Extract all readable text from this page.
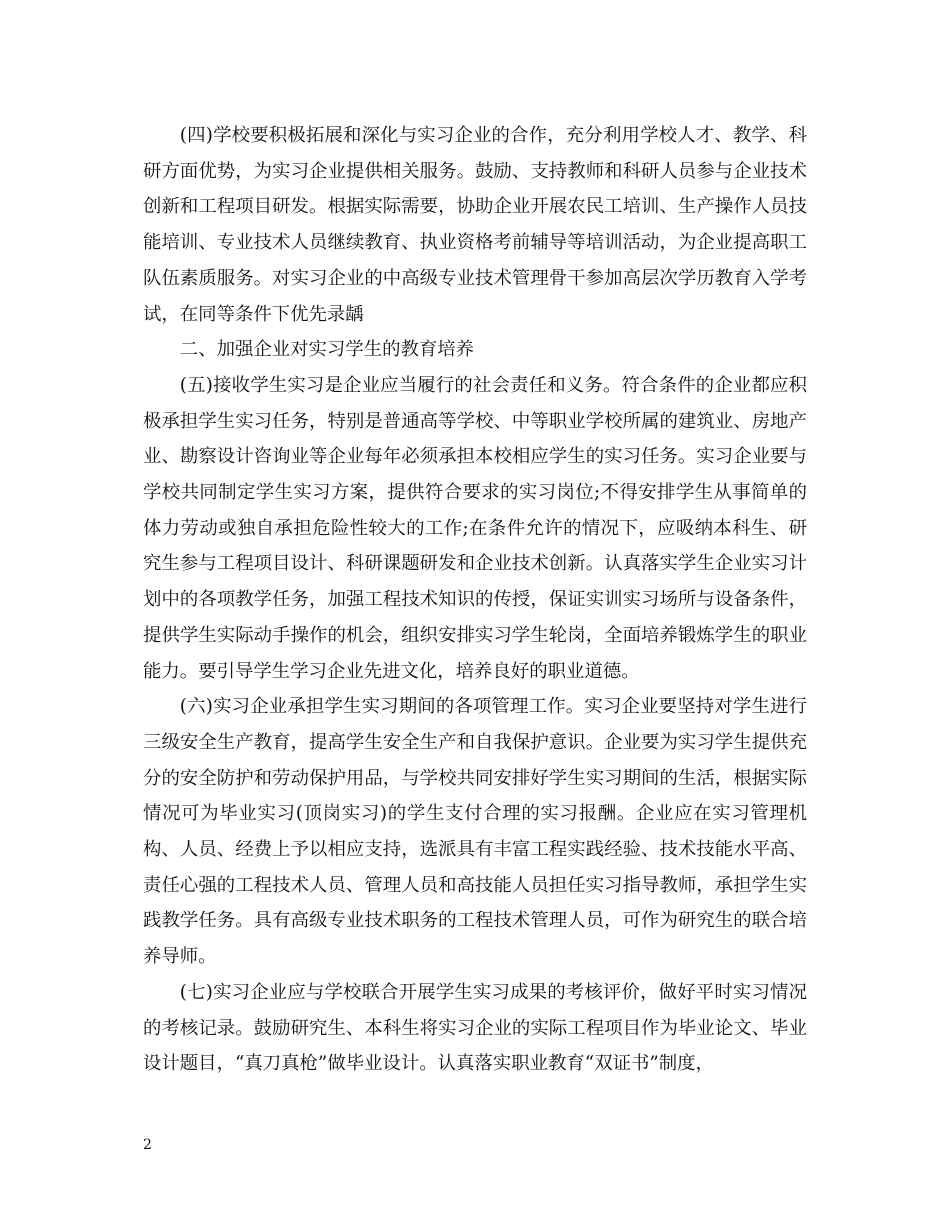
(四)学校要积极拓展和深化与实习企业的合作，充分利用学校人才、教学、科研方面优势，为实习企业提供相关服务。鼓励、支持教师和科研人员参与企业技术创新和工程项目研发。根据实际需要，协助企业开展农民工培训、生产操作人员技能培训、专业技术人员继续教育、执业资格考前辅导等培训活动，为企业提高职工队伍素质服务。对实习企业的中高级专业技术管理骨干参加高层次学历教育入学考试，在同等条件下优先录龋

二、加强企业对实习学生的教育培养

(五)接收学生实习是企业应当履行的社会责任和义务。符合条件的企业都应积极承担学生实习任务，特别是普通高等学校、中等职业学校所属的建筑业、房地产业、勘察设计咨询业等企业每年必须承担本校相应学生的实习任务。实习企业要与学校共同制定学生实习方案，提供符合要求的实习岗位;不得安排学生从事简单的体力劳动或独自承担危险性较大的工作;在条件允许的情况下，应吸纳本科生、研究生参与工程项目设计、科研课题研发和企业技术创新。认真落实学生企业实习计划中的各项教学任务，加强工程技术知识的传授，保证实训实习场所与设备条件，提供学生实际动手操作的机会，组织安排实习学生轮岗，全面培养锻炼学生的职业能力。要引导学生学习企业先进文化，培养良好的职业道德。

(六)实习企业承担学生实习期间的各项管理工作。实习企业要坚持对学生进行三级安全生产教育，提高学生安全生产和自我保护意识。企业要为实习学生提供充分的安全防护和劳动保护用品，与学校共同安排好学生实习期间的生活，根据实际情况可为毕业实习(顶岗实习)的学生支付合理的实习报酬。企业应在实习管理机构、人员、经费上予以相应支持，选派具有丰富工程实践经验、技术技能水平高、责任心强的工程技术人员、管理人员和高技能人员担任实习指导教师，承担学生实践教学任务。具有高级专业技术职务的工程技术管理人员，可作为研究生的联合培养导师。

(七)实习企业应与学校联合开展学生实习成果的考核评价，做好平时实习情况的考核记录。鼓励研究生、本科生将实习企业的实际工程项目作为毕业论文、毕业设计题目，“真刀真枪”做毕业设计。认真落实职业教育“双证书”制度，

2
